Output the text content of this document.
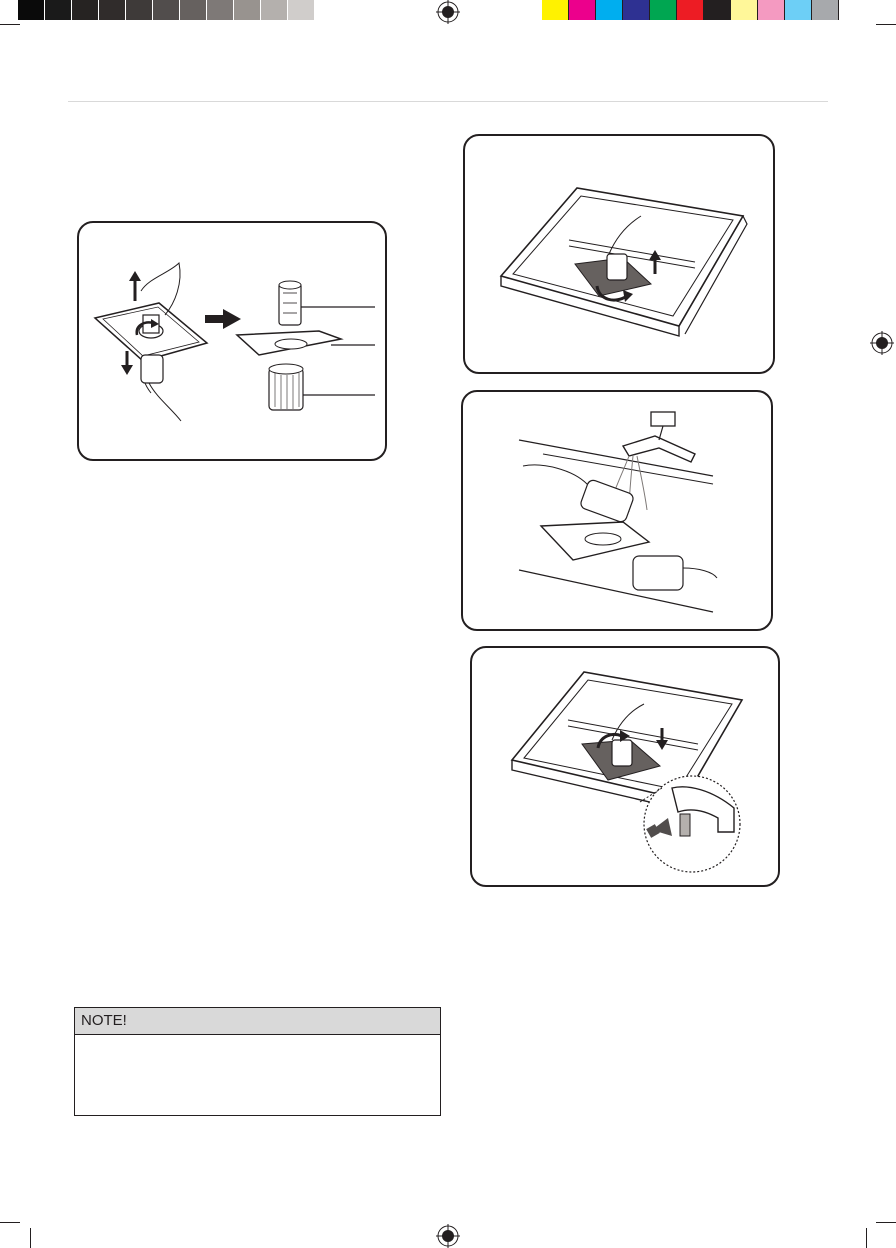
NOTE!
